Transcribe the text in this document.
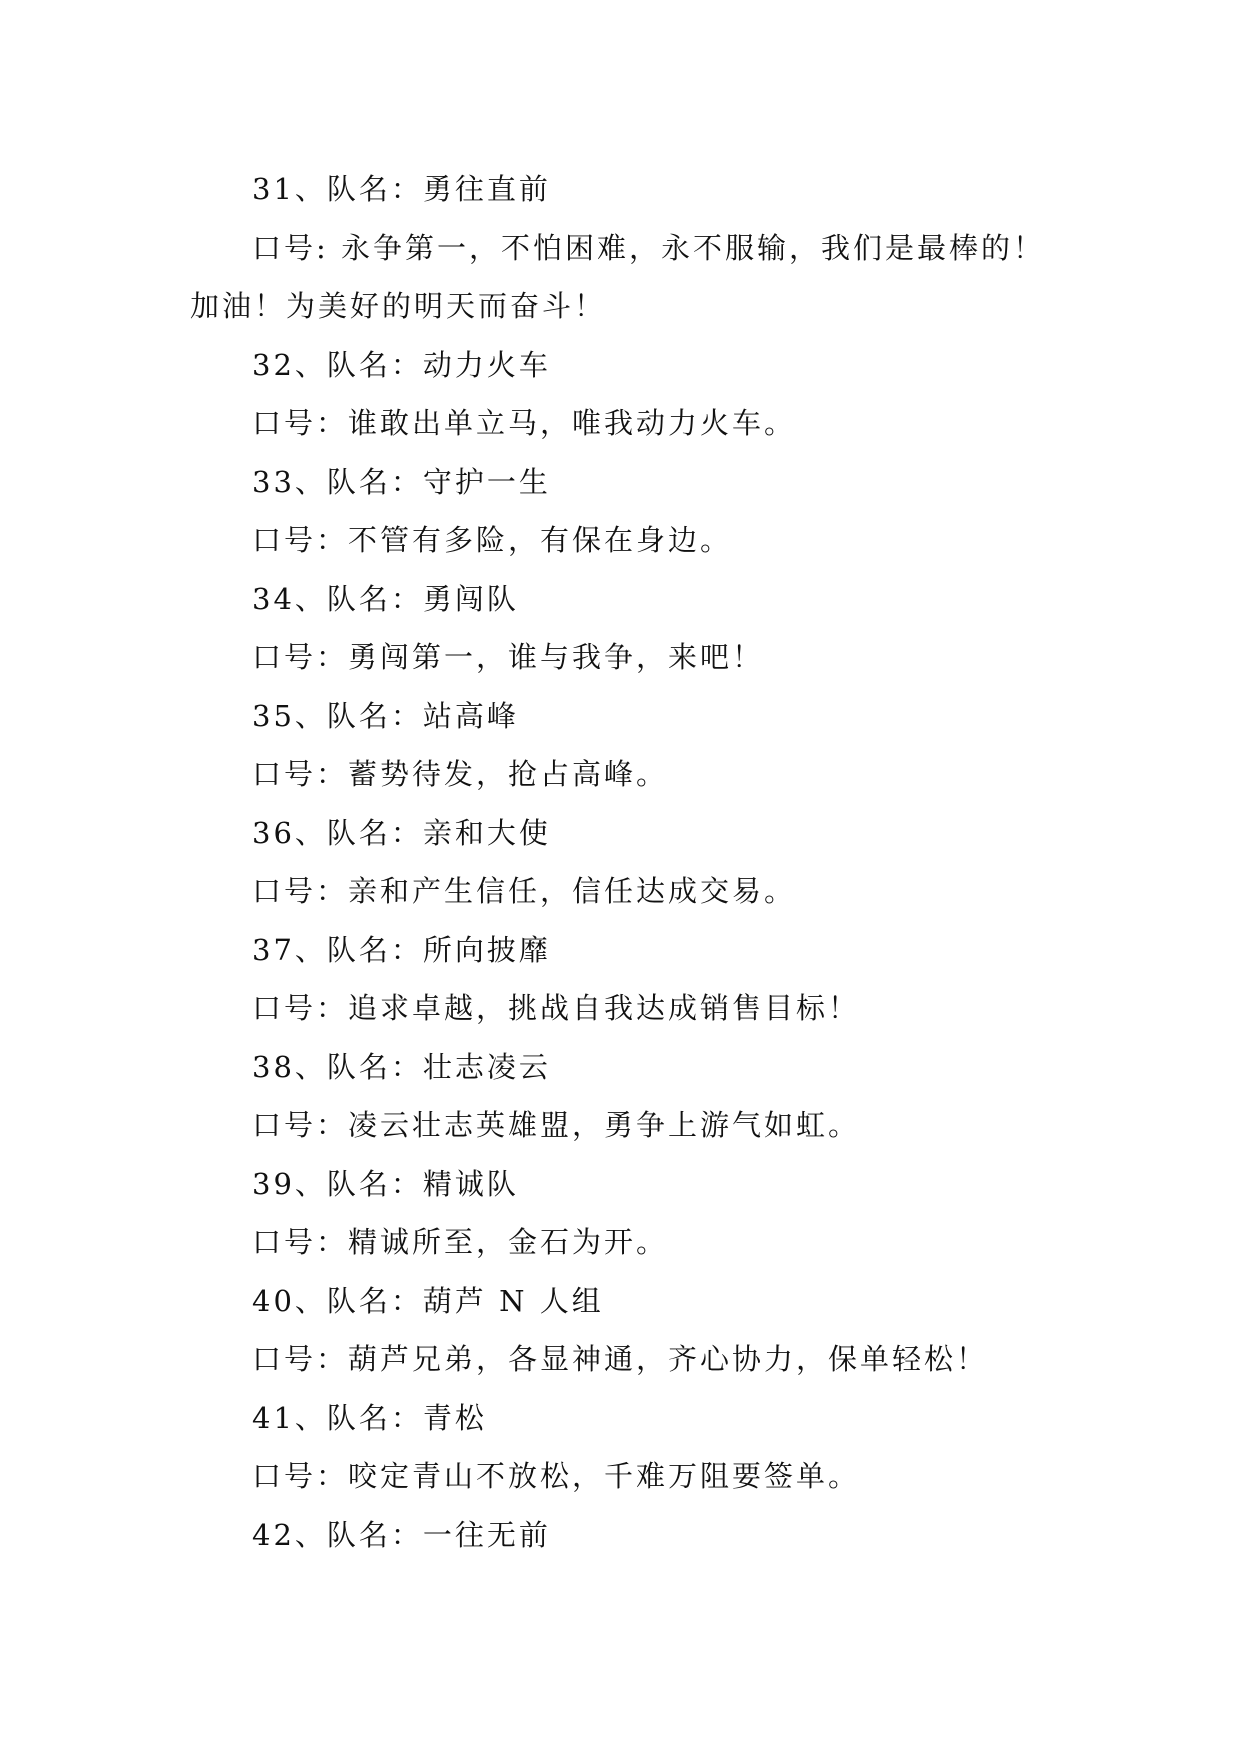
31、队名：勇往直前
口号: 永争第一，不怕困难，永不服输，我们是最棒的！
加油！为美好的明天而奋斗！
32、队名：动力火车
口号：谁敢出单立马，唯我动力火车。
33、队名：守护一生
口号：不管有多险，有保在身边。
34、队名：勇闯队
口号：勇闯第一，谁与我争，来吧！
35、队名：站高峰
口号：蓄势待发，抢占高峰。
36、队名：亲和大使
口号：亲和产生信任，信任达成交易。
37、队名：所向披靡
口号：追求卓越，挑战自我达成销售目标！
38、队名：壮志凌云
口号：凌云壮志英雄盟，勇争上游气如虹。
39、队名：精诚队
口号：精诚所至，金石为开。
40、队名：葫芦 N 人组
口号：葫芦兄弟，各显神通，齐心协力，保单轻松！
41、队名：青松
口号：咬定青山不放松，千难万阻要签单。
42、队名：一往无前
